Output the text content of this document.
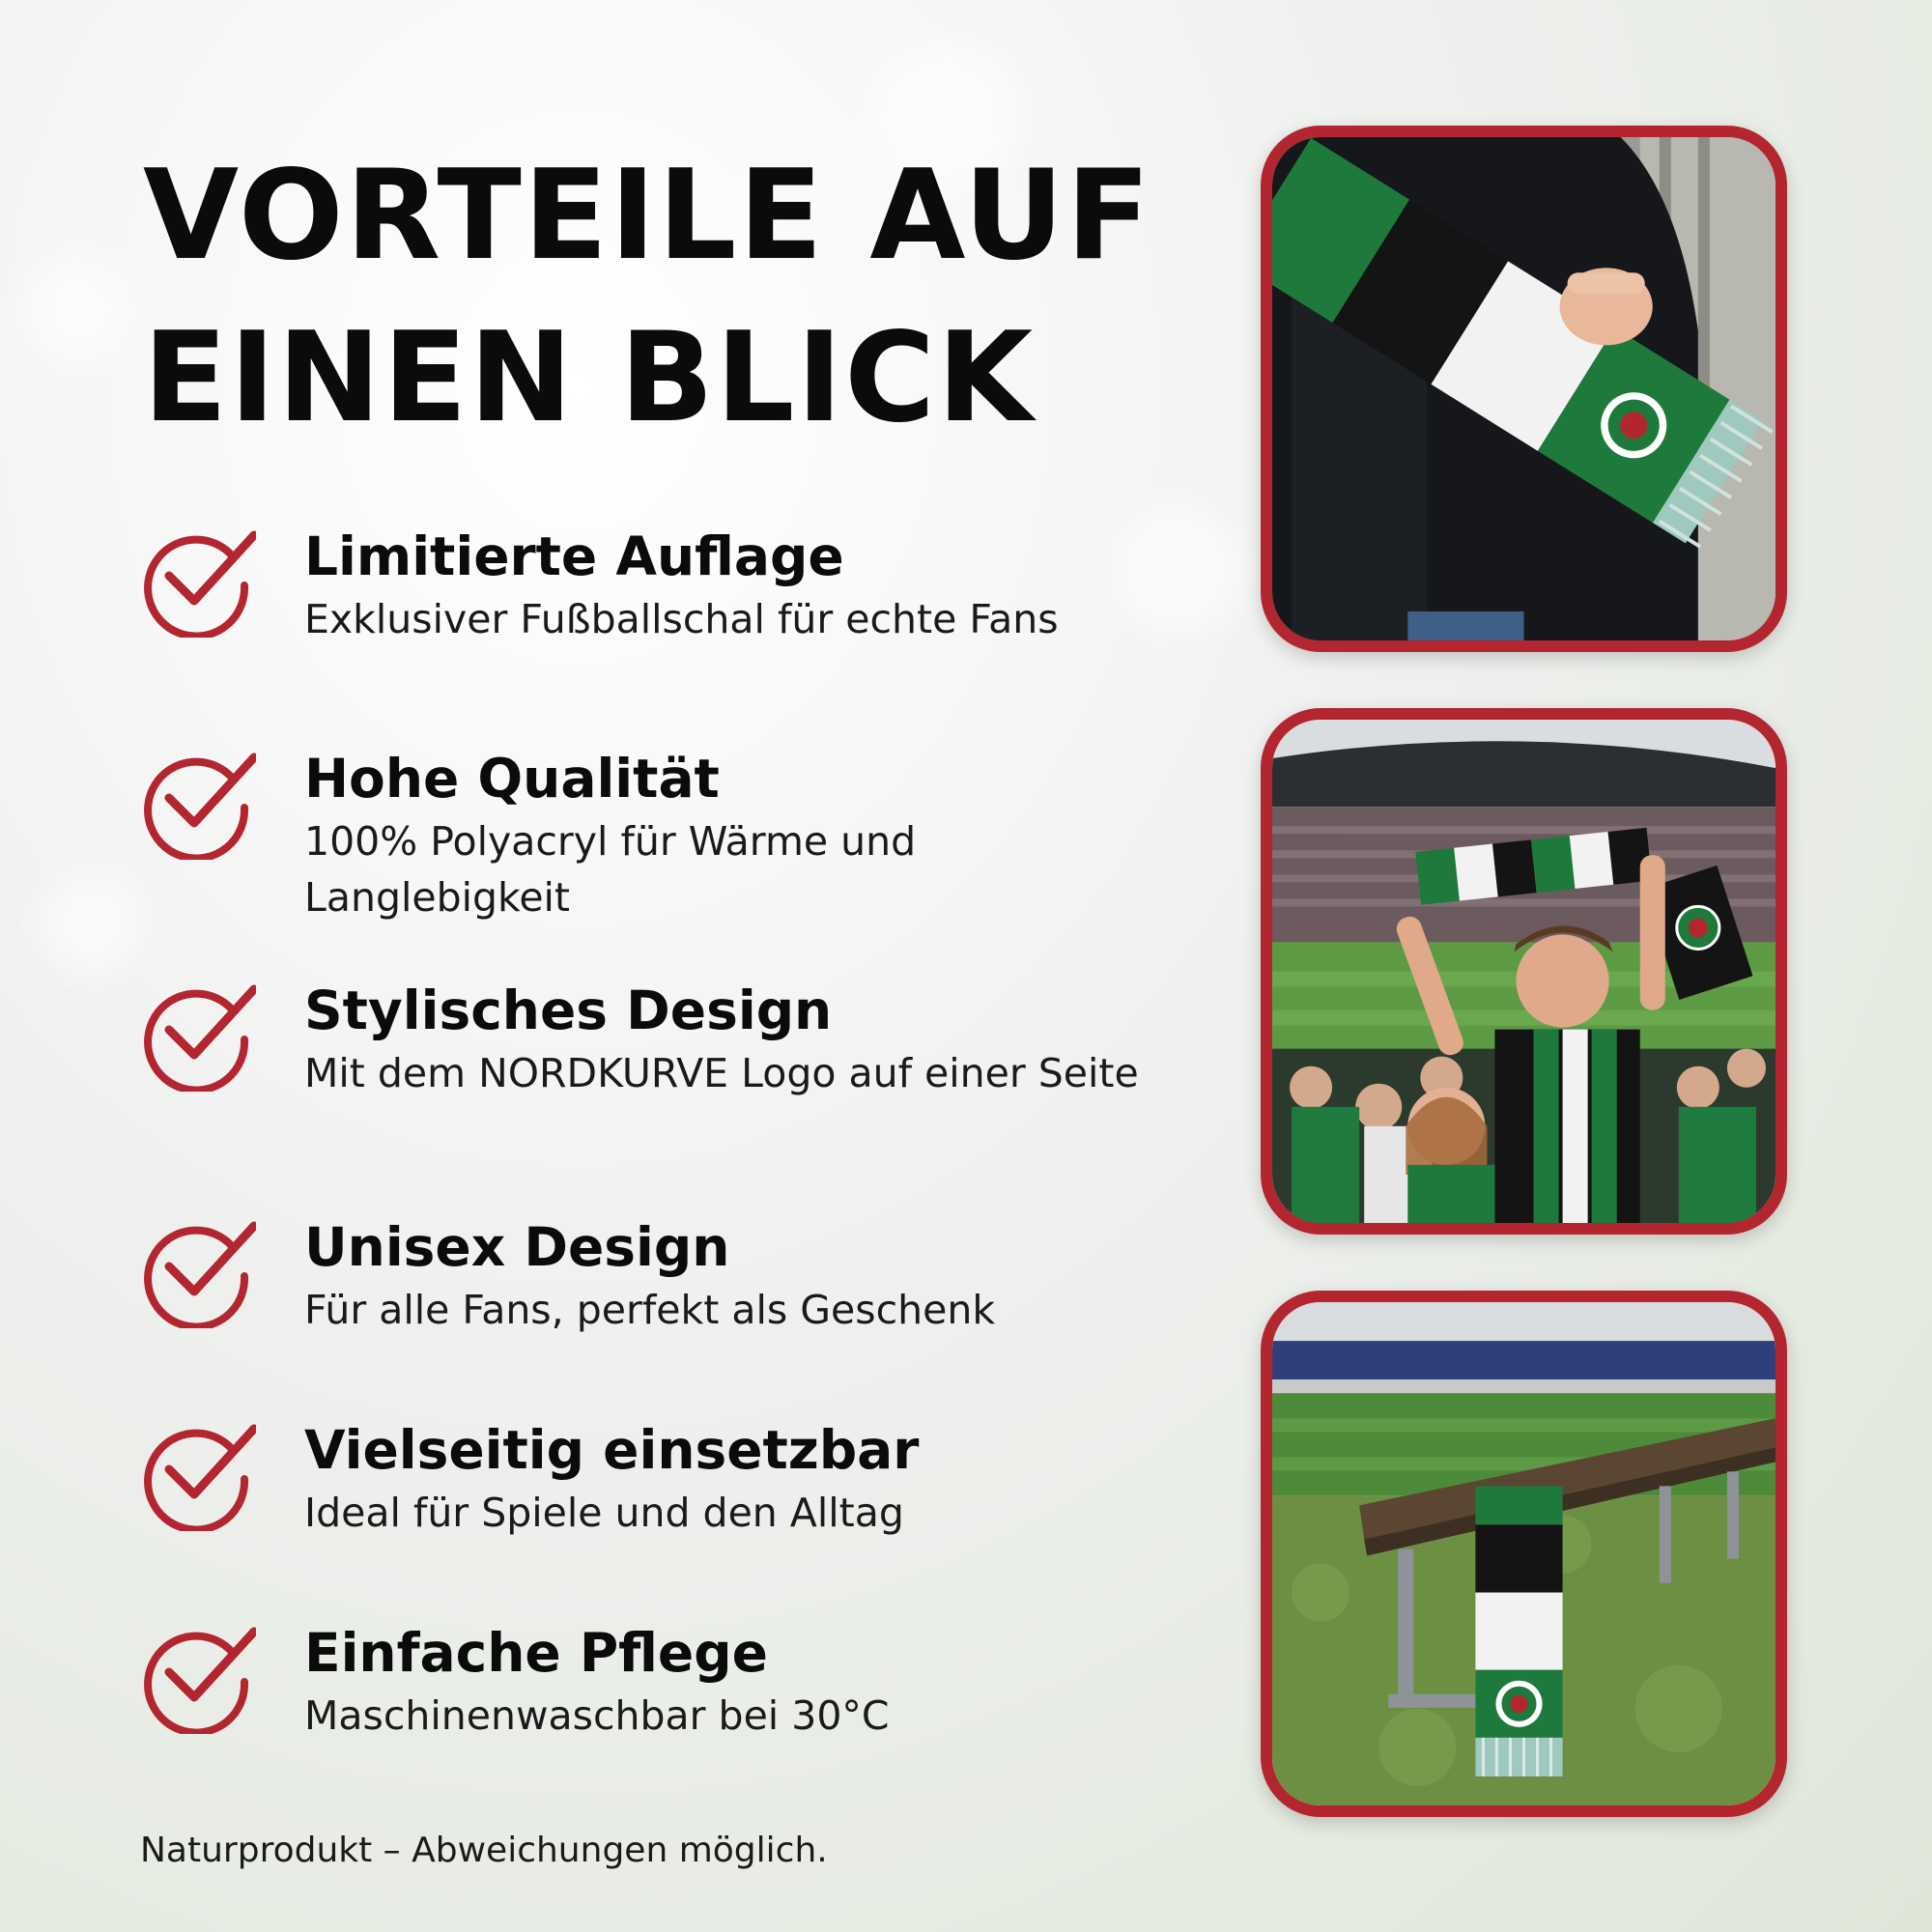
VORTEILE AUF
EINEN BLICK
Limitierte Auflage
Exklusiver Fußballschal für echte Fans
Hohe Qualität
100% Polyacryl für Wärme und Langlebigkeit
Stylisches Design
Mit dem NORDKURVE Logo auf einer Seite
Unisex Design
Für alle Fans, perfekt als Geschenk
Vielseitig einsetzbar
Ideal für Spiele und den Alltag
Einfache Pflege
Maschinenwaschbar bei 30°C
Naturprodukt – Abweichungen möglich.
